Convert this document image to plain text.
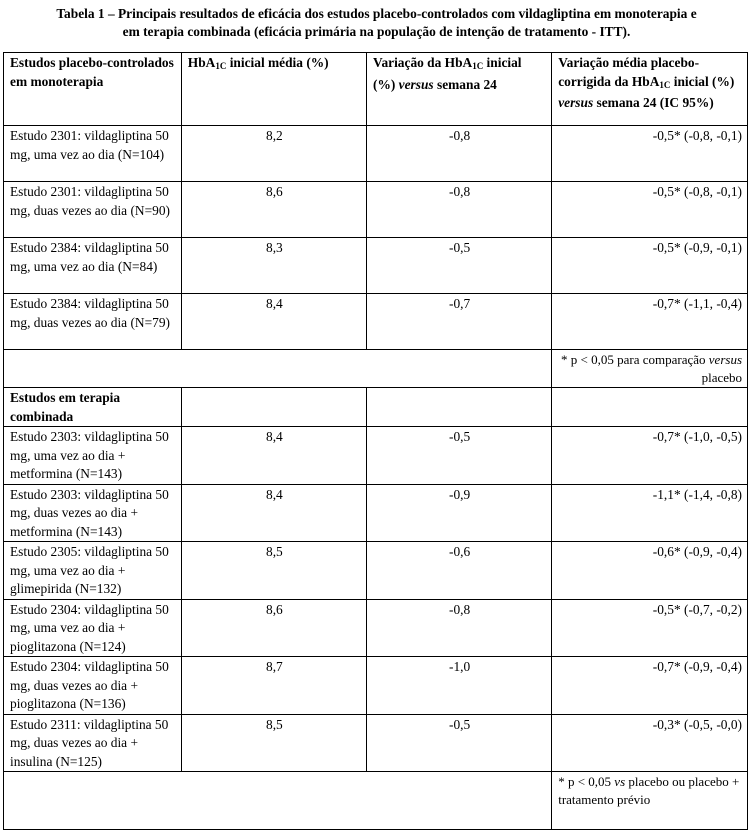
Tabela 1 – Principais resultados de eficácia dos estudos placebo-controlados com vildagliptina em monoterapia e
em terapia combinada (eficácia primária na população de intenção de tratamento - ITT).
Estudos placebo-controlados em monoterapia	HbA$_{1C}$ inicial média (%)	Variação da HbA$_{1C}$ inicial (%) versus semana 24	Variação média placebo-corrigida da HbA$_{1C}$ inicial (%) versus semana 24 (IC 95%)
Estudo 2301: vildagliptina 50 mg, uma vez ao dia (N=104)	8,2	-0,8	-0,5* (-0,8, -0,1)
Estudo 2301: vildagliptina 50 mg, duas vezes ao dia (N=90)	8,6	-0,8	-0,5* (-0,8, -0,1)
Estudo 2384: vildagliptina 50 mg, uma vez ao dia (N=84)	8,3	-0,5	-0,5* (-0,9, -0,1)
Estudo 2384: vildagliptina 50 mg, duas vezes ao dia (N=79)	8,4	-0,7	-0,7* (-1,1, -0,4)
			* p < 0,05 para comparação versus placebo
Estudos em terapia combinada			
Estudo 2303: vildagliptina 50 mg, uma vez ao dia + metformina (N=143)	8,4	-0,5	-0,7* (-1,0, -0,5)
Estudo 2303: vildagliptina 50 mg, duas vezes ao dia + metformina (N=143)	8,4	-0,9	-1,1* (-1,4, -0,8)
Estudo 2305: vildagliptina 50 mg, uma vez ao dia + glimepirida (N=132)	8,5	-0,6	-0,6* (-0,9, -0,4)
Estudo 2304: vildagliptina 50 mg, uma vez ao dia + pioglitazona (N=124)	8,6	-0,8	-0,5* (-0,7, -0,2)
Estudo 2304: vildagliptina 50 mg, duas vezes ao dia + pioglitazona (N=136)	8,7	-1,0	-0,7* (-0,9, -0,4)
Estudo 2311: vildagliptina 50 mg, duas vezes ao dia + insulina (N=125)	8,5	-0,5	-0,3* (-0,5, -0,0)
			* p < 0,05 vs placebo ou placebo + tratamento prévio
